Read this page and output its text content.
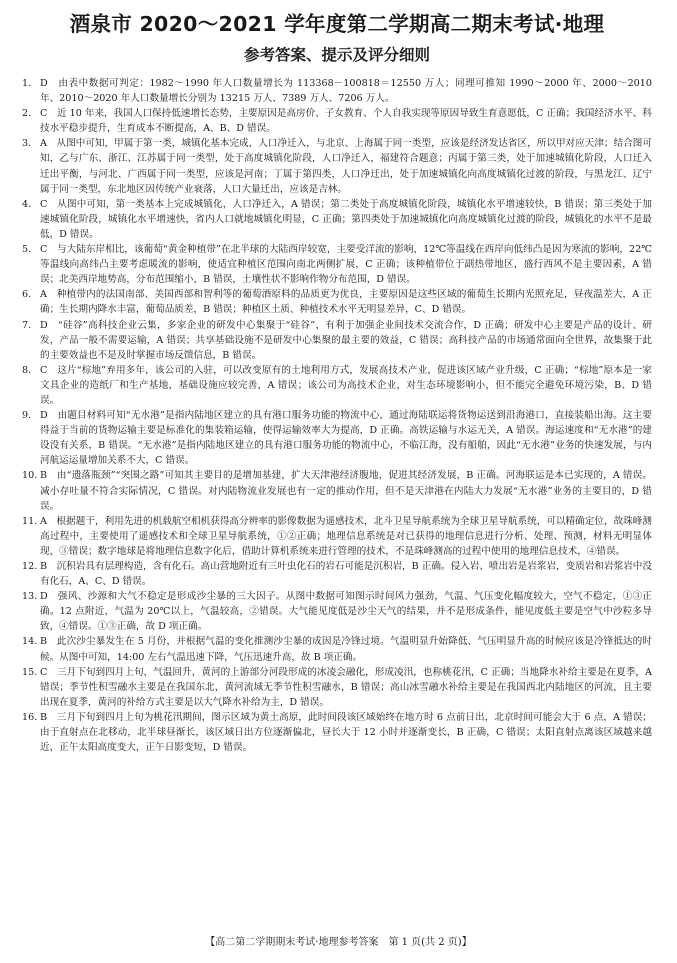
酒泉市 2020～2021 学年度第二学期高二期末考试·地理
参考答案、提示及评分细则

1. D　由表中数据可判定：1982～1990 年人口数量增长为 113368－100818＝12550 万人；同理可推知 1990～2000 年、2000～2010 年、2010～2020 年人口数量增长分别为 13215 万人、7389 万人、7206 万人。

2. C　近 10 年来，我国人口保持低速增长态势，主要原因是高房价、子女教育、个人自我实现等原因导致生育意愿低，C 正确；我国经济水平、科技水平稳步提升，生育成本不断提高，A、B、D 错误。

3. A　从图中可知，甲属于第一类，城镇化基本完成，人口净迁入，与北京、上海属于同一类型，应该是经济发达省区，所以甲对应天津；结合图可知，乙与广东、浙江、江苏属于同一类型，处于高度城镇化阶段，人口净迁入，福建符合题意；丙属于第三类，处于加速城镇化阶段，人口迁入迁出平衡，与河北、广西属于同一类型，应该是河南；丁属于第四类，人口净迁出，处于加速城镇化向高度城镇化过渡的阶段，与黑龙江、辽宁属于同一类型，东北地区因传统产业衰落，人口大量迁出，应该是吉林。

4. C　从图中可知，第一类基本上完成城镇化，人口净迁入，A 错误；第二类处于高度城镇化阶段，城镇化水平增速较快，B 错误；第三类处于加速城镇化阶段，城镇化水平增速快，省内人口就地城镇化明显，C 正确；第四类处于加速城镇化向高度城镇化过渡的阶段，城镇化的水平不是最低，D 错误。

5. C　与大陆东岸相比，该葡萄“黄金种植带”在北半球的大陆西岸较宽，主要受洋流的影响，12℃等温线在西岸向低纬凸是因为寒流的影响，22℃等温线向高纬凸主要考虑暖流的影响，使适宜种植区范围向南北两侧扩展，C 正确；该种植带位于副热带地区，盛行西风不是主要因素，A 错误；北美西岸地势高，分布范围缩小，B 错误，土壤性状不影响作物分布范围，D 错误。

6. A　种植带内的法国南部、美国西部和智利等的葡萄酒原料的品质更为优良，主要原因是这些区域的葡萄生长期内光照充足，昼夜温差大，A 正确；生长期内降水丰富，葡萄品质差，B 错误；种植区土质、种植技术水平无明显差异，C、D 错误。

7. D　“硅谷”高科技企业云集，多家企业的研发中心集聚于“硅谷”，有利于加强企业间技术交流合作，D 正确；研发中心主要是产品的设计、研发，产品一般不需要运输，A 错误；共享基础设施不是研发中心集聚的最主要的效益，C 错误；高科技产品的市场通常面向全世界，故集聚于此的主要效益也不是及时掌握市场反馈信息，B 错误。

8. C　这片“棕地”弃用多年，该公司的入驻，可以改变原有的土地利用方式，发展高技术产业，促进该区域产业升级，C 正确；“棕地”原本是一家文具企业的造纸厂和生产基地，基础设施应较完善，A 错误；该公司为高技术企业，对生态环境影响小，但不能完全避免环境污染，B、D 错误。

9. D　由题目材料可知“无水港”是指内陆地区建立的具有港口服务功能的物流中心，通过海陆联运将货物运送到沿海港口，直接装船出海。这主要得益于当前的货物运输主要是标准化的集装箱运输，使得运输效率大为提高，D 正确。高铁运输与水运无关，A 错误。海运速度和“无水港”的建设没有关系，B 错误。“无水港”是指内陆地区建立的具有港口服务功能的物流中心，不临江海，没有船舶，因此“无水港”业务的快速发展，与内河航运运量增加关系不大，C 错误。

10. B　由“遗落瓶颈”“突围之路”可知其主要目的是增加基建，扩大天津港经济腹地，促进其经济发展，B 正确。河海联运是本已实现的，A 错误。减小存吐量不符合实际情况，C 错误。对内陆物流业发展也有一定的推动作用，但不是天津港在内陆大力发展“无水港”业务的主要目的，D 错误。

11. A　根据题干，利用先进的机载航空相机获得高分辨率的影像数据为遥感技术，北斗卫星导航系统为全球卫星导航系统，可以精确定位，故珠峰测高过程中，主要使用了遥感技术和全球卫星导航系统，①②正确；地理信息系统是对已获得的地理信息进行分析、处理、预测，材料无明显体现，③错误；数字地球是将地理信息数字化后，借助计算机系统来进行管理的技术，不是珠峰测高的过程中使用的地理信息技术，④错误。

12. B　沉积岩具有层理构造，含有化石。高山营地附近有三叶虫化石的岩石可能是沉积岩，B 正确。侵入岩、喷出岩是岩浆岩，变质岩和岩浆岩中没有化石，A、C、D 错误。

13. D　强风、沙源和大气不稳定是形成沙尘暴的三大因子。从图中数据可知图示时间风力强劲，气温、气压变化幅度较大，空气不稳定，①③正确。12 点附近，气温为 20℃以上，气温较高，②错误。大气能见度低是沙尘天气的结果，并不是形成条件，能见度低主要是空气中沙粒多导致，④错误。①③正确，故 D 项正确。

14. B　此次沙尘暴发生在 5 月份，并根据气温的变化推测沙尘暴的成因是冷锋过境。气温明显升始降低、气压明显升高的时候应该是冷锋抵达的时候。从图中可知，14:00 左右气温迅速下降，气压迅速升高，故 B 项正确。

15. C　三月下旬到四月上旬，气温回升，黄河的上游部分河段形成的冰凌会融化，形成凌汛，也称桃花汛，C 正确；当地降水补给主要是在夏季，A 错误；季节性积雪融水主要是在我国东北，黄河流域无季节性积雪融水，B 错误；高山冰雪融水补给主要是在我国西北内陆地区的河流，且主要出现在夏季，黄河的补给方式主要是以大气降水补给为主，D 错误。

16. B　三月下旬到四月上旬为桃花汛期间，图示区域为黄土高原，此时间段该区域始终在地方时 6 点前日出，北京时间可能会大于 6 点，A 错误；由于直射点在北移动，北半球昼渐长，该区域日出方位逐渐偏北，昼长大于 12 小时并逐渐变长，B 正确，C 错误；太阳直射点离该区域越来越近，正午太阳高度变大，正午日影变短，D 错误。

【高二第二学期期末考试·地理参考答案　第 1 页(共 2 页)】
